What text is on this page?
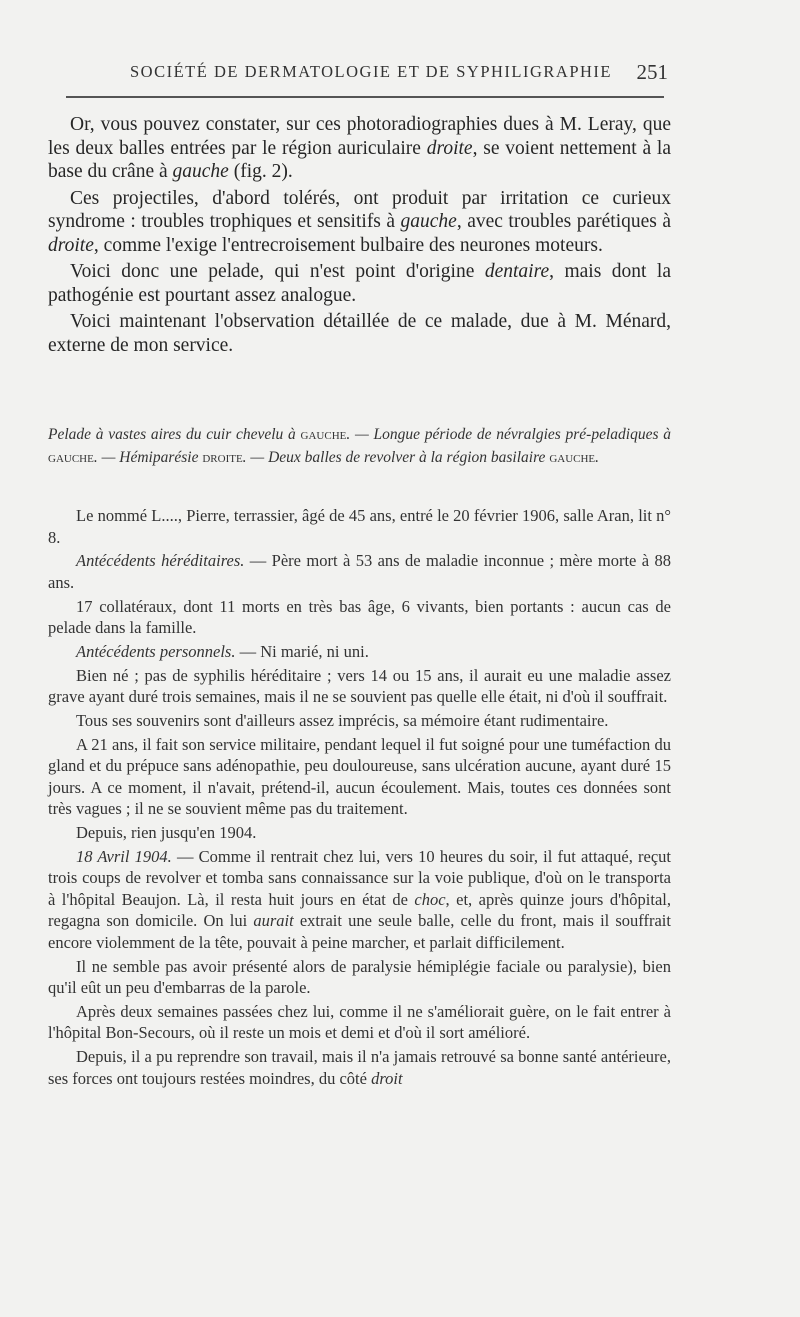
SOCIÉTÉ DE DERMATOLOGIE ET DE SYPHILIGRAPHIE 251

Or, vous pouvez constater, sur ces photoradiographies dues à M. Leray, que les deux balles entrées par le région auriculaire droite, se voient nettement à la base du crâne à gauche (fig. 2).

Ces projectiles, d'abord tolérés, ont produit par irritation ce curieux syndrome : troubles trophiques et sensitifs à gauche, avec troubles parétiques à droite, comme l'exige l'entrecroisement bulbaire des neurones moteurs.

Voici donc une pelade, qui n'est point d'origine dentaire, mais dont la pathogénie est pourtant assez analogue.

Voici maintenant l'observation détaillée de ce malade, due à M. Ménard, externe de mon service.

Pelade à vastes aires du cuir chevelu à gauche. — Longue période de névralgies pré-peladiques à gauche. — Hémiparésie droite. — Deux balles de revolver à la région basilaire gauche.

Le nommé L...., Pierre, terrassier, âgé de 45 ans, entré le 20 février 1906, salle Aran, lit n° 8.

Antécédents héréditaires. — Père mort à 53 ans de maladie inconnue ; mère morte à 88 ans.

17 collatéraux, dont 11 morts en très bas âge, 6 vivants, bien portants : aucun cas de pelade dans la famille.

Antécédents personnels. — Ni marié, ni uni.

Bien né ; pas de syphilis héréditaire ; vers 14 ou 15 ans, il aurait eu une maladie assez grave ayant duré trois semaines, mais il ne se souvient pas quelle elle était, ni d'où il souffrait.

Tous ses souvenirs sont d'ailleurs assez imprécis, sa mémoire étant rudimentaire.

A 21 ans, il fait son service militaire, pendant lequel il fut soigné pour une tuméfaction du gland et du prépuce sans adénopathie, peu douloureuse, sans ulcération aucune, ayant duré 15 jours. A ce moment, il n'avait, prétend-il, aucun écoulement. Mais, toutes ces données sont très vagues ; il ne se souvient même pas du traitement.

Depuis, rien jusqu'en 1904.

18 Avril 1904. — Comme il rentrait chez lui, vers 10 heures du soir, il fut attaqué, reçut trois coups de revolver et tomba sans connaissance sur la voie publique, d'où on le transporta à l'hôpital Beaujon. Là, il resta huit jours en état de choc, et, après quinze jours d'hôpital, regagna son domicile. On lui aurait extrait une seule balle, celle du front, mais il souffrait encore violemment de la tête, pouvait à peine marcher, et parlait difficilement.

Il ne semble pas avoir présenté alors de paralysie hémiplégie faciale ou paralysie), bien qu'il eût un peu d'embarras de la parole.

Après deux semaines passées chez lui, comme il ne s'améliorait guère, on le fait entrer à l'hôpital Bon-Secours, où il reste un mois et demi et d'où il sort amélioré.

Depuis, il a pu reprendre son travail, mais il n'a jamais retrouvé sa bonne santé antérieure, ses forces ont toujours restées moindres, du côté droit
